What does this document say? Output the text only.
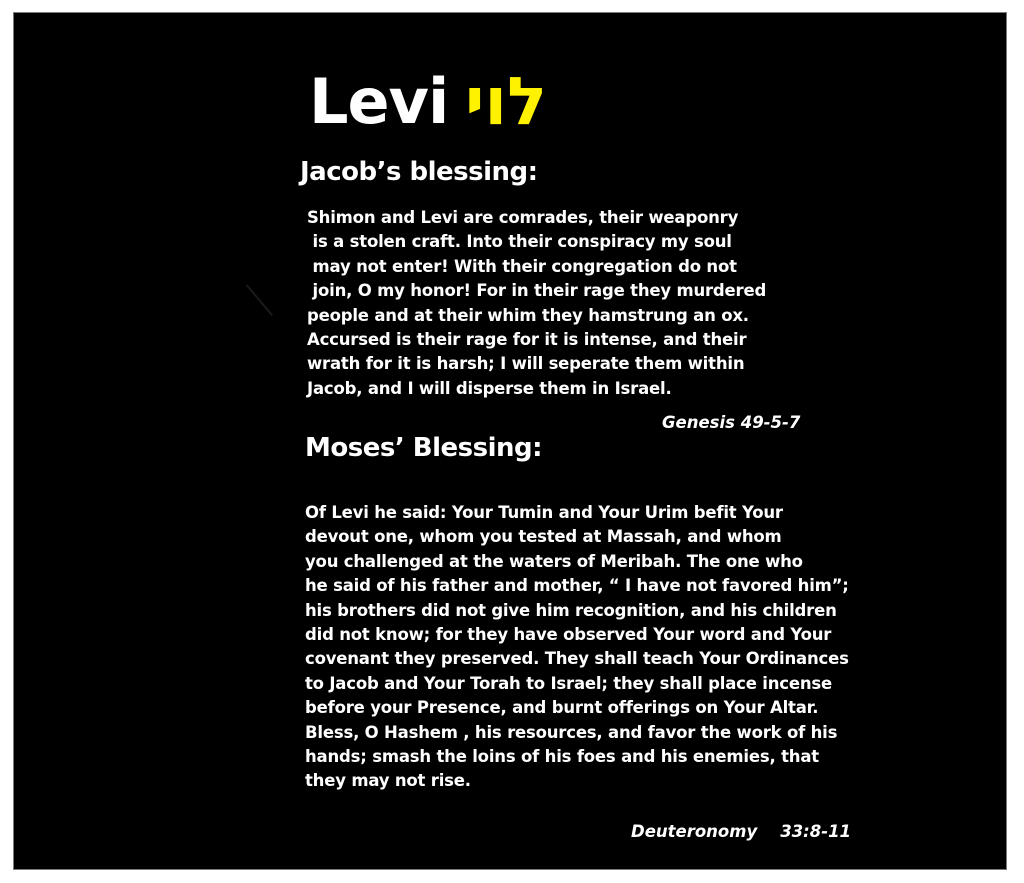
Levi לוי
Jacob’s blessing:
Shimon and Levi are comrades, their weaponry
is a stolen craft. Into their conspiracy my soul
may not enter! With their congregation do not
join, O my honor! For in their rage they murdered
people and at their whim they hamstrung an ox.
Accursed is their rage for it is intense, and their
wrath for it is harsh; I will seperate them within
Jacob, and I will disperse them in Israel.
Genesis 49-5-7
Moses’ Blessing:
Of Levi he said: Your Tumin and Your Urim befit Your
devout one, whom you tested at Massah, and whom
you challenged at the waters of Meribah. The one who
he said of his father and mother, “ I have not favored him”;
his brothers did not give him recognition, and his children
did not know; for they have observed Your word and Your
covenant they preserved. They shall teach Your Ordinances
to Jacob and Your Torah to Israel; they shall place incense
before your Presence, and burnt offerings on Your Altar.
Bless, O Hashem , his resources, and favor the work of his
hands; smash the loins of his foes and his enemies, that
they may not rise.
Deuteronomy    33:8-11
